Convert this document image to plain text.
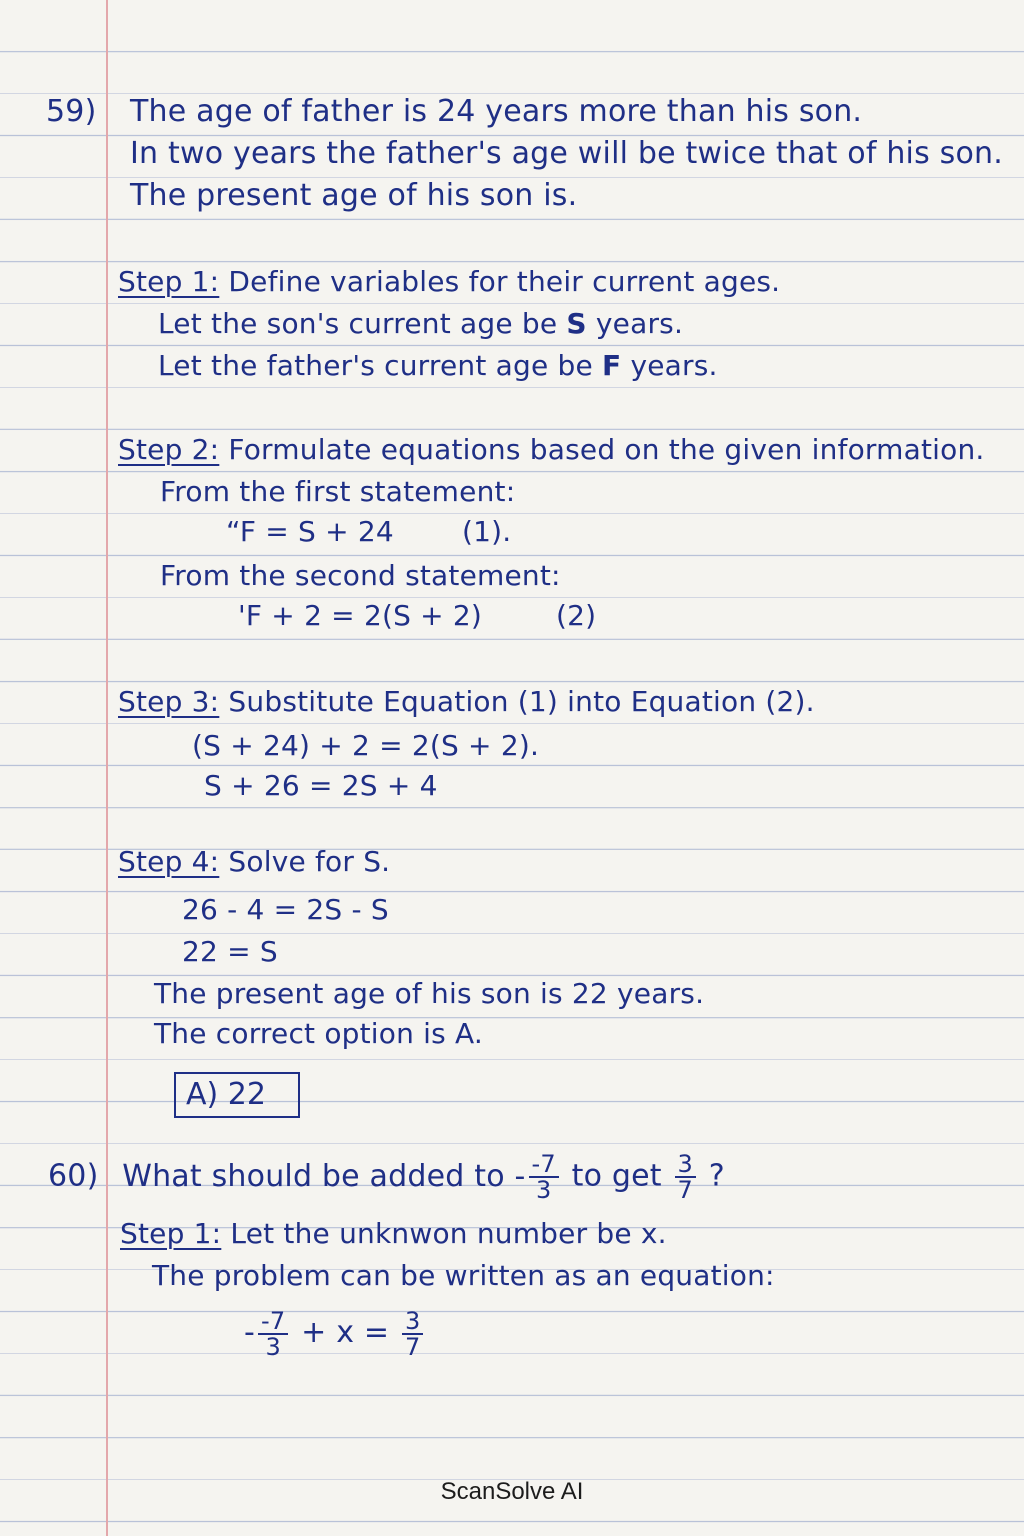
59) The age of father is 24 years more than his son.
In two years the father's age will be twice that of his son.
The present age of his son is.
Step 1: Define variables for their current ages.
Let the son's current age be S years.
Let the father's current age be F years.
Step 2: Formulate equations based on the given information.
From the first statement:
“F = S + 24 (1).
From the second statement:
'F + 2 = 2(S + 2)	(2)
Step 3: Substitute Equation (1) into Equation (2).
(S + 24) + 2 = 2(S + 2).
S + 26 = 2S + 4
Step 4: Solve for S.
26 - 4 = 2S - S
22 = S
The present age of his son is 22 years.
The correct option is A.
A) 22
60) What should be added to - $\frac{-7}{3}$ to get $\frac{3}{7}$ ?
Step 1: Let the unknwon number be x.
The problem can be written as an equation:
- $\frac{-7}{3} + x = \frac{3}{7}$
ScanSolve AI
